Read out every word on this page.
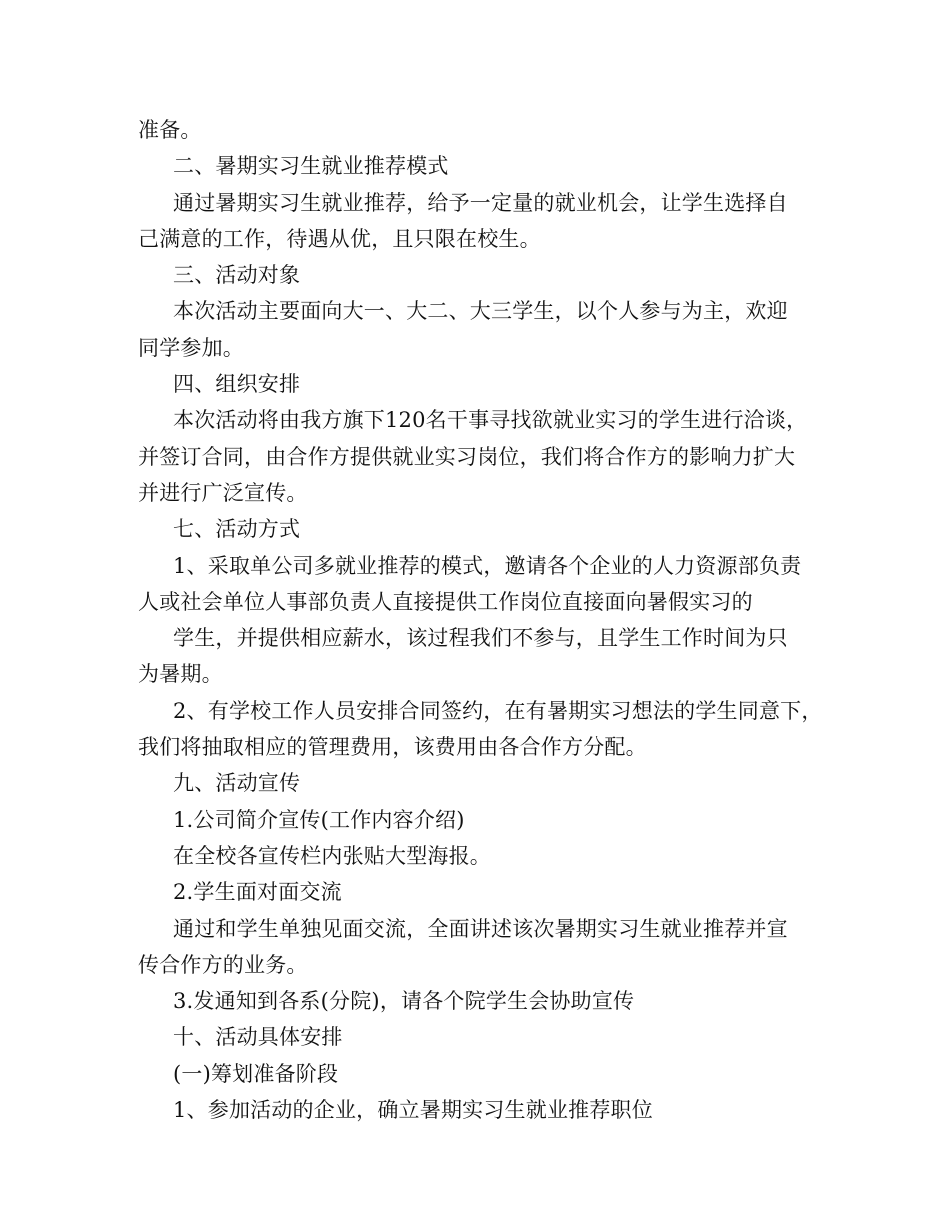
准备。
二、暑期实习生就业推荐模式
通过暑期实习生就业推荐，给予一定量的就业机会，让学生选择自
己满意的工作，待遇从优，且只限在校生。
三、活动对象
本次活动主要面向大一、大二、大三学生，以个人参与为主，欢迎
同学参加。
四、组织安排
本次活动将由我方旗下120名干事寻找欲就业实习的学生进行洽谈，
并签订合同，由合作方提供就业实习岗位，我们将合作方的影响力扩大
并进行广泛宣传。
七、活动方式
1、采取单公司多就业推荐的模式，邀请各个企业的人力资源部负责
人或社会单位人事部负责人直接提供工作岗位直接面向暑假实习的
学生，并提供相应薪水，该过程我们不参与，且学生工作时间为只
为暑期。
2、有学校工作人员安排合同签约，在有暑期实习想法的学生同意下，
我们将抽取相应的管理费用，该费用由各合作方分配。
九、活动宣传
1.公司简介宣传(工作内容介绍)
在全校各宣传栏内张贴大型海报。
2.学生面对面交流
通过和学生单独见面交流，全面讲述该次暑期实习生就业推荐并宣
传合作方的业务。
3.发通知到各系(分院)，请各个院学生会协助宣传
十、活动具体安排
(一)筹划准备阶段
1、参加活动的企业，确立暑期实习生就业推荐职位
